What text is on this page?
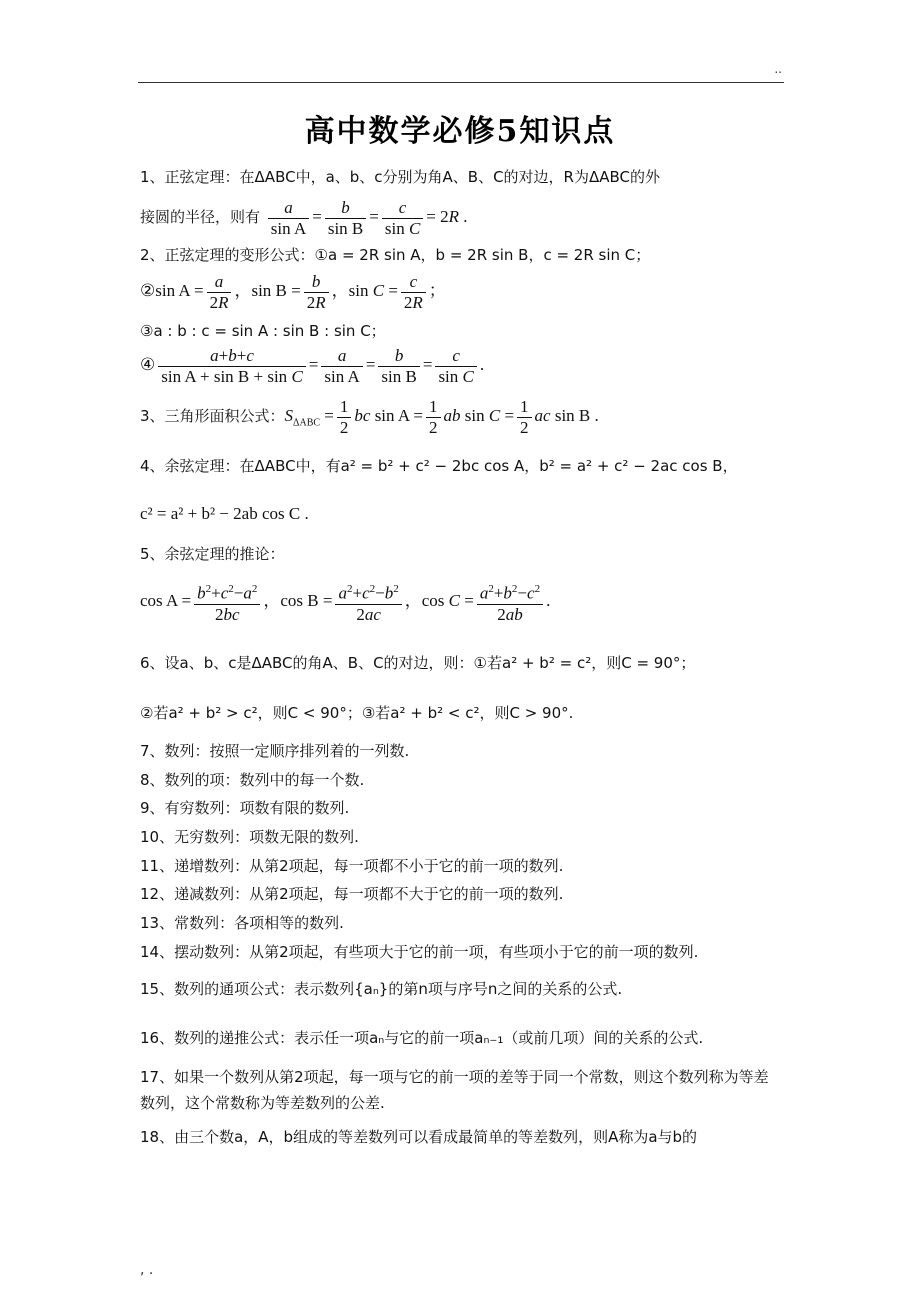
..
高中数学必修5知识点
1、正弦定理：在ΔABC中，a、b、c分别为角A、B、C的对边，R为ΔABC的外
接圆的半径，则有 $\frac{a}{\text{sin A}} = \frac{b}{\text{sin B}} = \frac{c}{\text{sin C}} = 2R$ .
2、正弦定理的变形公式：①a = 2R sin A，b = 2R sin B，c = 2R sin C；
②sin $A = \frac{a}{2R}$ ，$\sin B = \frac{b}{2R}$ ，$\sin C = \frac{c}{2R}$ ；
③a : b : c = sin A : sin B : sin C；
④ $\frac{a+b+c}{\text{sin A + sin B + sin C}} = \frac{a}{\text{sin A}} = \frac{b}{\text{sin B}} = \frac{c}{\text{sin C}}$ .
3、三角形面积公式：$S_{\Delta ABC} = \frac{1}{2}$ bc $\sin A = \frac{1}{2}$ ab $\sin C = \frac{1}{2}$ ac sin B .
4、余弦定理：在ΔABC中，有a² = b² + c² − 2bc cos A，b² = a² + c² − 2ac cos B，
c² = a² + b² − 2ab cos C .
5、余弦定理的推论：
$\cos A = \frac{b^2+c^2-a^2}{2bc}$ ，$\cos B = \frac{a^2+c^2-b^2}{2ac}$ ，$\cos C = \frac{a^2+b^2-c^2}{2ab}$ .
6、设a、b、c是ΔABC的角A、B、C的对边，则：①若a² + b² = c²，则C = 90°；
②若a² + b² > c²，则C < 90°；③若a² + b² < c²，则C > 90°.
7、数列：按照一定顺序排列着的一列数.
8、数列的项：数列中的每一个数.
9、有穷数列：项数有限的数列.
10、无穷数列：项数无限的数列.
11、递增数列：从第2项起，每一项都不小于它的前一项的数列.
12、递减数列：从第2项起，每一项都不大于它的前一项的数列.
13、常数列：各项相等的数列.
14、摆动数列：从第2项起，有些项大于它的前一项，有些项小于它的前一项的数列.
15、数列的通项公式：表示数列{aₙ}的第n项与序号n之间的关系的公式.
16、数列的递推公式：表示任一项aₙ与它的前一项aₙ₋₁（或前几项）间的关系的公式.
17、如果一个数列从第2项起，每一项与它的前一项的差等于同一个常数，则这个数列称为等差数列，这个常数称为等差数列的公差.
18、由三个数a，A，b组成的等差数列可以看成最简单的等差数列，则A称为a与b的
, .
